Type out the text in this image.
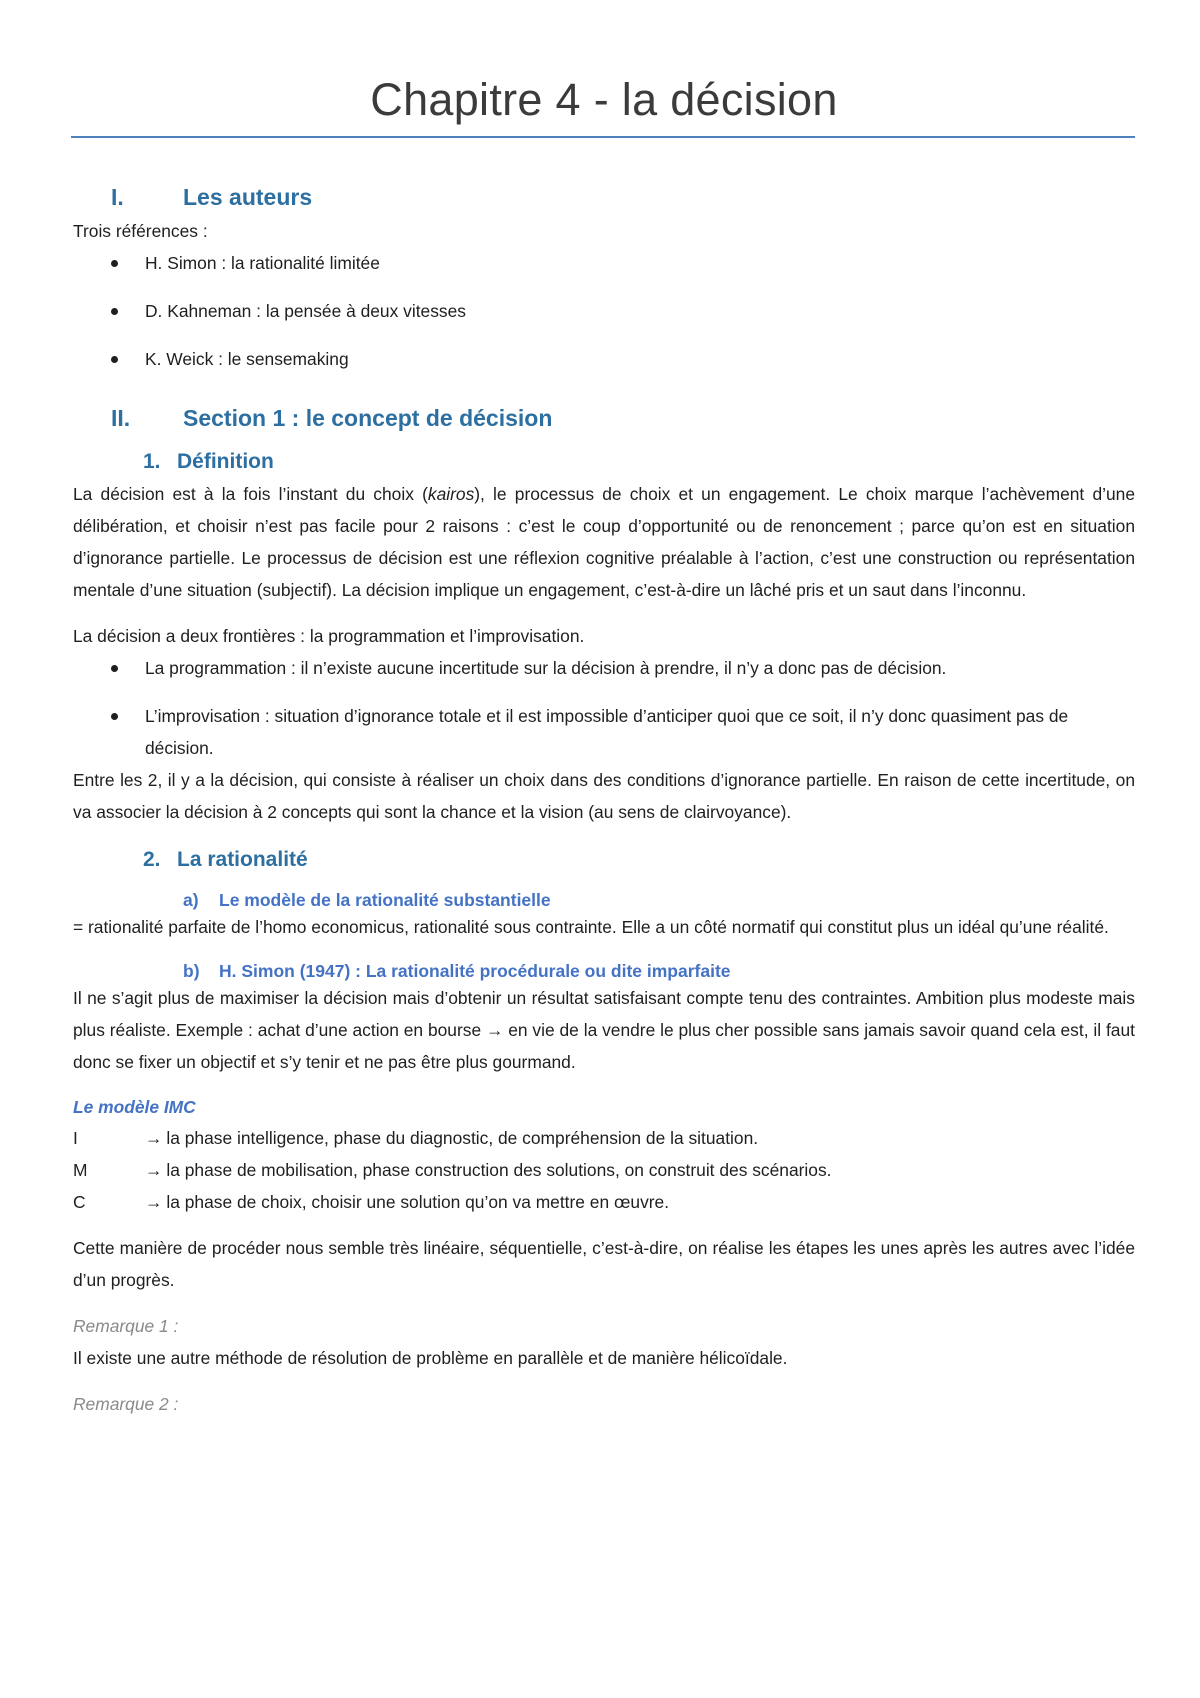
Chapitre 4 - la décision
I.	Les auteurs

Trois références :

H. Simon : la rationalité limitée
D. Kahneman : la pensée à deux vitesses
K. Weick : le sensemaking
II.	Section 1 : le concept de décision
1. Définition

La décision est à la fois l’instant du choix (kairos), le processus de choix et un engagement. Le choix marque l’achèvement d’une délibération, et choisir n’est pas facile pour 2 raisons : c’est le coup d’opportunité ou de renoncement ; parce qu’on est en situation d’ignorance partielle. Le processus de décision est une réflexion cognitive préalable à l’action, c’est une construction ou représentation mentale d’une situation (subjectif). La décision implique un engagement, c’est-à-dire un lâché pris et un saut dans l’inconnu.

La décision a deux frontières : la programmation et l’improvisation.

La programmation : il n’existe aucune incertitude sur la décision à prendre, il n’y a donc pas de décision.
L’improvisation : situation d’ignorance totale et il est impossible d’anticiper quoi que ce soit, il n’y donc quasiment pas de décision.

Entre les 2, il y a la décision, qui consiste à réaliser un choix dans des conditions d’ignorance partielle. En raison de cette incertitude, on va associer la décision à 2 concepts qui sont la chance et la vision (au sens de clairvoyance).

2. La rationalité
a) Le modèle de la rationalité substantielle

= rationalité parfaite de l’homo economicus, rationalité sous contrainte. Elle a un côté normatif qui constitut plus un idéal qu’une réalité.

b) H. Simon (1947) : La rationalité procédurale ou dite imparfaite

Il ne s’agit plus de maximiser la décision mais d’obtenir un résultat satisfaisant compte tenu des contraintes. Ambition plus modeste mais plus réaliste. Exemple : achat d’une action en bourse → en vie de la vendre le plus cher possible sans jamais savoir quand cela est, il faut donc se fixer un objectif et s’y tenir et ne pas être plus gourmand.

Le modèle IMC

I	→ la phase intelligence, phase du diagnostic, de compréhension de la situation.
M	→ la phase de mobilisation, phase construction des solutions, on construit des scénarios.
C	→ la phase de choix, choisir une solution qu’on va mettre en œuvre.

Cette manière de procéder nous semble très linéaire, séquentielle, c’est-à-dire, on réalise les étapes les unes après les autres avec l’idée d’un progrès.

Remarque 1 :

Il existe une autre méthode de résolution de problème en parallèle et de manière hélicoïdale.

Remarque 2 :
